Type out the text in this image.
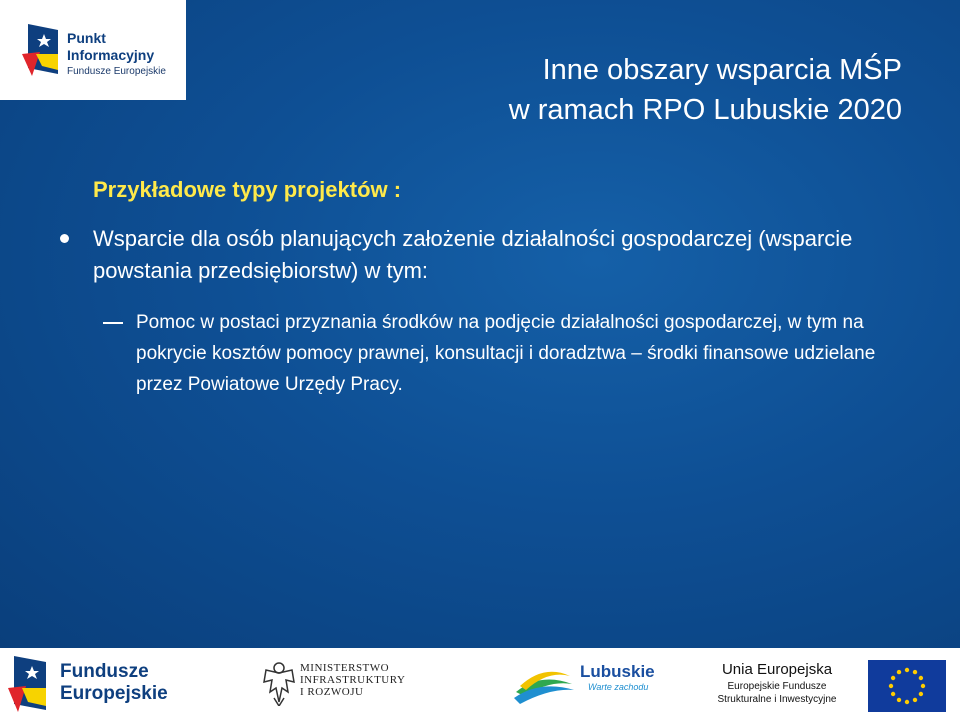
Punkt
Informacyjny
Fundusze Europejskie	Inne obszary wsparcia MŚP
w ramach RPO Lubuskie 2020
Przykładowe typy projektów :
Wsparcie dla osób planujących założenie działalności gospodarczej (wsparcie powstania przedsiębiorstw) w tym:
Pomoc w postaci przyznania środków na podjęcie działalności gospodarczej, w tym na pokrycie kosztów pomocy prawnej, konsultacji i doradztwa – środki finansowe udzielane przez Powiatowe Urzędy Pracy.
Fundusze
Europejskie
MINISTERSTWO
INFRASTRUKTURY
I ROZWOJU
Lubuskie
Warte zachodu
Unia Europejska
Europejskie Fundusze
Strukturalne i Inwestycyjne
